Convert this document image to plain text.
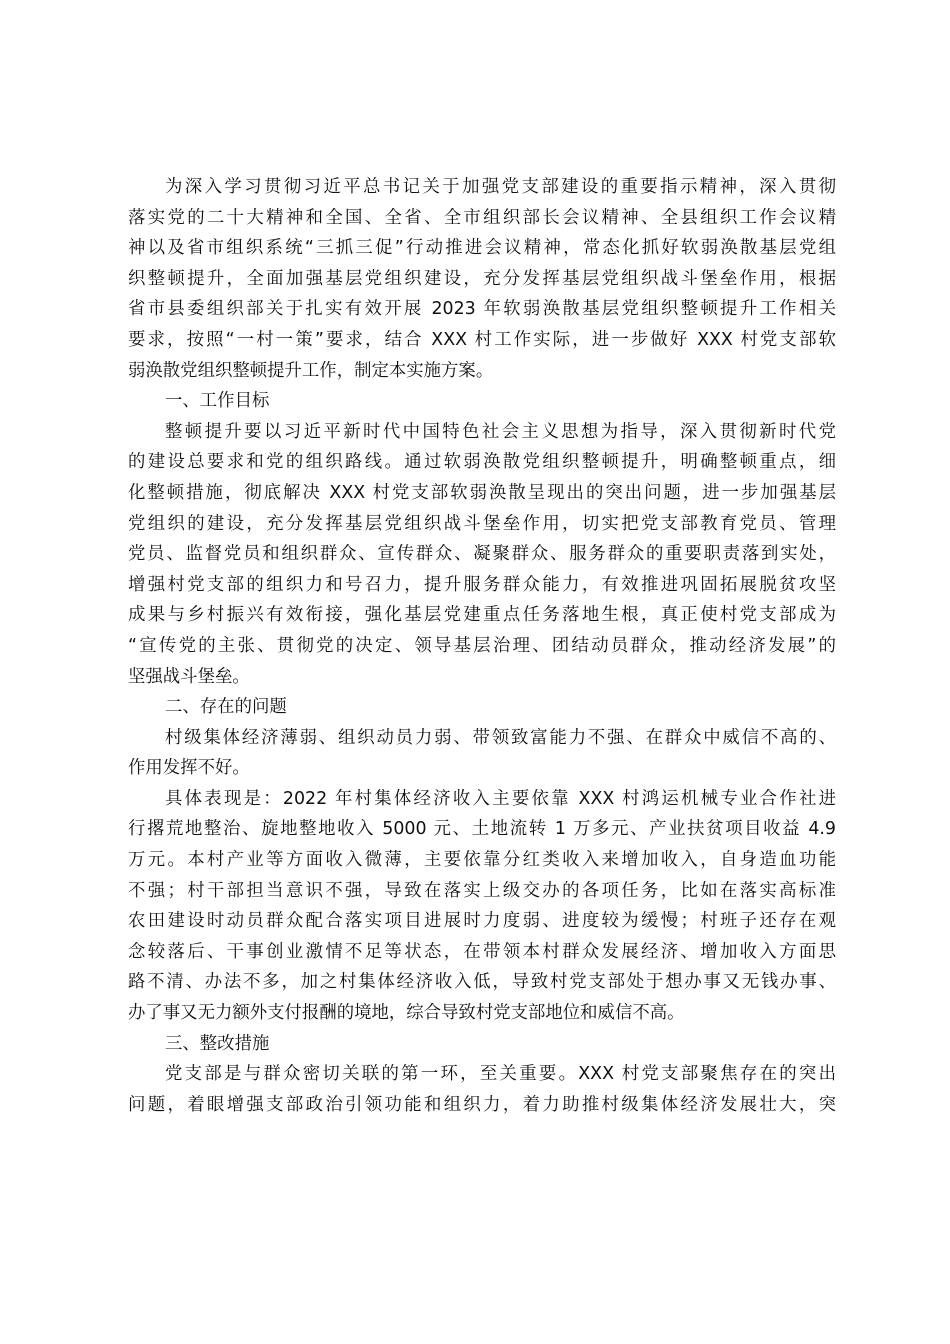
为深入学习贯彻习近平总书记关于加强党支部建设的重要指示精神，深入贯彻
落实党的二十大精神和全国、全省、全市组织部长会议精神、全县组织工作会议精
神以及省市组织系统“三抓三促”行动推进会议精神，常态化抓好软弱涣散基层党组
织整顿提升，全面加强基层党组织建设，充分发挥基层党组织战斗堡垒作用，根据
省市县委组织部关于扎实有效开展 2023 年软弱涣散基层党组织整顿提升工作相关
要求，按照“一村一策”要求，结合 XXX 村工作实际，进一步做好 XXX 村党支部软
弱涣散党组织整顿提升工作，制定本实施方案。
一、工作目标
整顿提升要以习近平新时代中国特色社会主义思想为指导，深入贯彻新时代党
的建设总要求和党的组织路线。通过软弱涣散党组织整顿提升，明确整顿重点，细
化整顿措施，彻底解决 XXX 村党支部软弱涣散呈现出的突出问题，进一步加强基层
党组织的建设，充分发挥基层党组织战斗堡垒作用，切实把党支部教育党员、管理
党员、监督党员和组织群众、宣传群众、凝聚群众、服务群众的重要职责落到实处，
增强村党支部的组织力和号召力，提升服务群众能力，有效推进巩固拓展脱贫攻坚
成果与乡村振兴有效衔接，强化基层党建重点任务落地生根，真正使村党支部成为
“宣传党的主张、贯彻党的决定、领导基层治理、团结动员群众，推动经济发展”的
坚强战斗堡垒。
二、存在的问题
村级集体经济薄弱、组织动员力弱、带领致富能力不强、在群众中威信不高的、
作用发挥不好。
具体表现是：2022 年村集体经济收入主要依靠 XXX 村鸿运机械专业合作社进
行撂荒地整治、旋地整地收入 5000 元、土地流转 1 万多元、产业扶贫项目收益 4.9
万元。本村产业等方面收入微薄，主要依靠分红类收入来增加收入，自身造血功能
不强；村干部担当意识不强，导致在落实上级交办的各项任务，比如在落实高标准
农田建设时动员群众配合落实项目进展时力度弱、进度较为缓慢；村班子还存在观
念较落后、干事创业激情不足等状态，在带领本村群众发展经济、增加收入方面思
路不清、办法不多，加之村集体经济收入低，导致村党支部处于想办事又无钱办事、
办了事又无力额外支付报酬的境地，综合导致村党支部地位和威信不高。
三、整改措施
党支部是与群众密切关联的第一环，至关重要。XXX 村党支部聚焦存在的突出
问题，着眼增强支部政治引领功能和组织力，着力助推村级集体经济发展壮大，突
